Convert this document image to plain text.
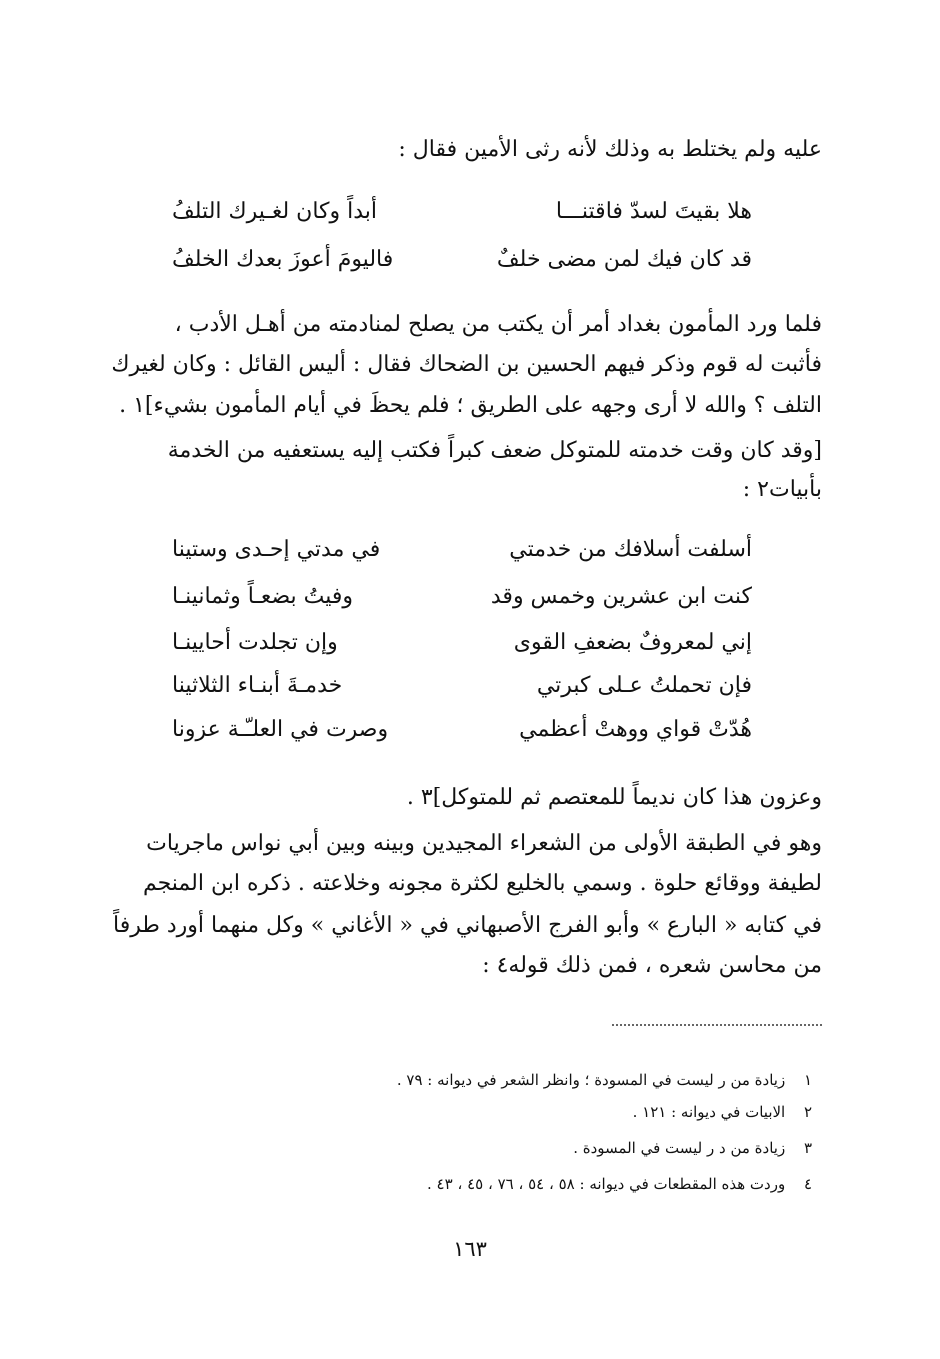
عليه ولم يختلط به وذلك لأنه رثى الأمين فقال :
هلا بقيتَ لسدّ فاقتنـــا
أبداً وكان لغـيرك التلفُ
قد كان فيك لمن مضى خلفٌ
فاليومَ أعوزَ بعدك الخلفُ
فلما ورد المأمون بغداد أمر أن يكتب من يصلح لمنادمته من أهـل الأدب ،
فأثبت له قوم وذكر فيهم الحسين بن الضحاك فقال : أليس القائل : وكان لغيرك
التلف ؟ والله لا أرى وجهه على الطريق ؛ فلم يحظَ في أيام المأمون بشيء]١ .
[وقد كان وقت خدمته للمتوكل ضعف كبراً فكتب إليه يستعفيه من الخدمة
بأبيات٢ :
أسلفت أسلافك من خدمتي
في مدتي إحـدى وستينا
كنت ابن عشرين وخمس وقد
وفيتُ بضعـاً وثمانينـا
إني لمعروفٌ بضعفِ القوى
وإن تجلدت أحايينـا
فإن تحملتُ عـلى كبرتي
خدمـةَ أبنـاء الثلاثينا
هُدّتْ قواي ووهتْ أعظمي
وصرت في العلـّـة عزونا
وعزون هذا كان نديماً للمعتصم ثم للمتوكل]٣ .
وهو في الطبقة الأولى من الشعراء المجيدين وبينه وبين أبي نواس ماجريات
لطيفة ووقائع حلوة . وسمي بالخليع لكثرة مجونه وخلاعته . ذكره ابن المنجم
في كتابه « البارع » وأبو الفرج الأصبهاني في « الأغاني » وكل منهما أورد طرفاً
من محاسن شعره ، فمن ذلك قوله٤ :
١ زيادة من ر ليست في المسودة ؛ وانظر الشعر في ديوانه : ٧٩ .
٢ الابيات في ديوانه : ١٢١ .
٣ زيادة من د ر ليست في المسودة .
٤ وردت هذه المقطعات في ديوانه : ٥٨ ، ٥٤ ، ٧٦ ، ٤٥ ، ٤٣ .
١٦٣
